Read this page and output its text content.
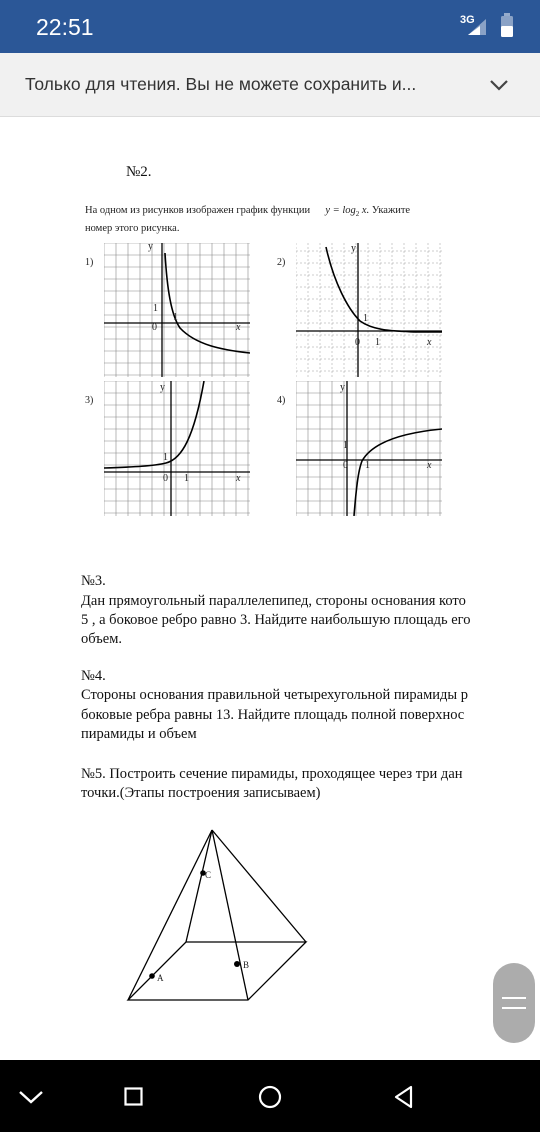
22:51	3G
Только для чтения. Вы не можете сохранить и...
№2.
На одном из рисунков изображен график функции $y = \log_2 x$. Укажите
номер этого рисунка.
1)
y
0
1
1
x
2)
y
0
1
1	x
3)
y
0
1
1	x
4)
y
0
1
1	x
№3.
Дан прямоугольный параллелепипед, стороны основания кото
5 , а боковое ребро равно 3. Найдите наибольшую площадь его
объем.
№4.
Стороны основания правильной четырехугольной пирамиды р
боковые ребра равны 13. Найдите площадь полной поверхнос
пирамиды и объем
№5. Построить сечение пирамиды, проходящее через три дан
точки.(Этапы построения записываем)
C
A
B
